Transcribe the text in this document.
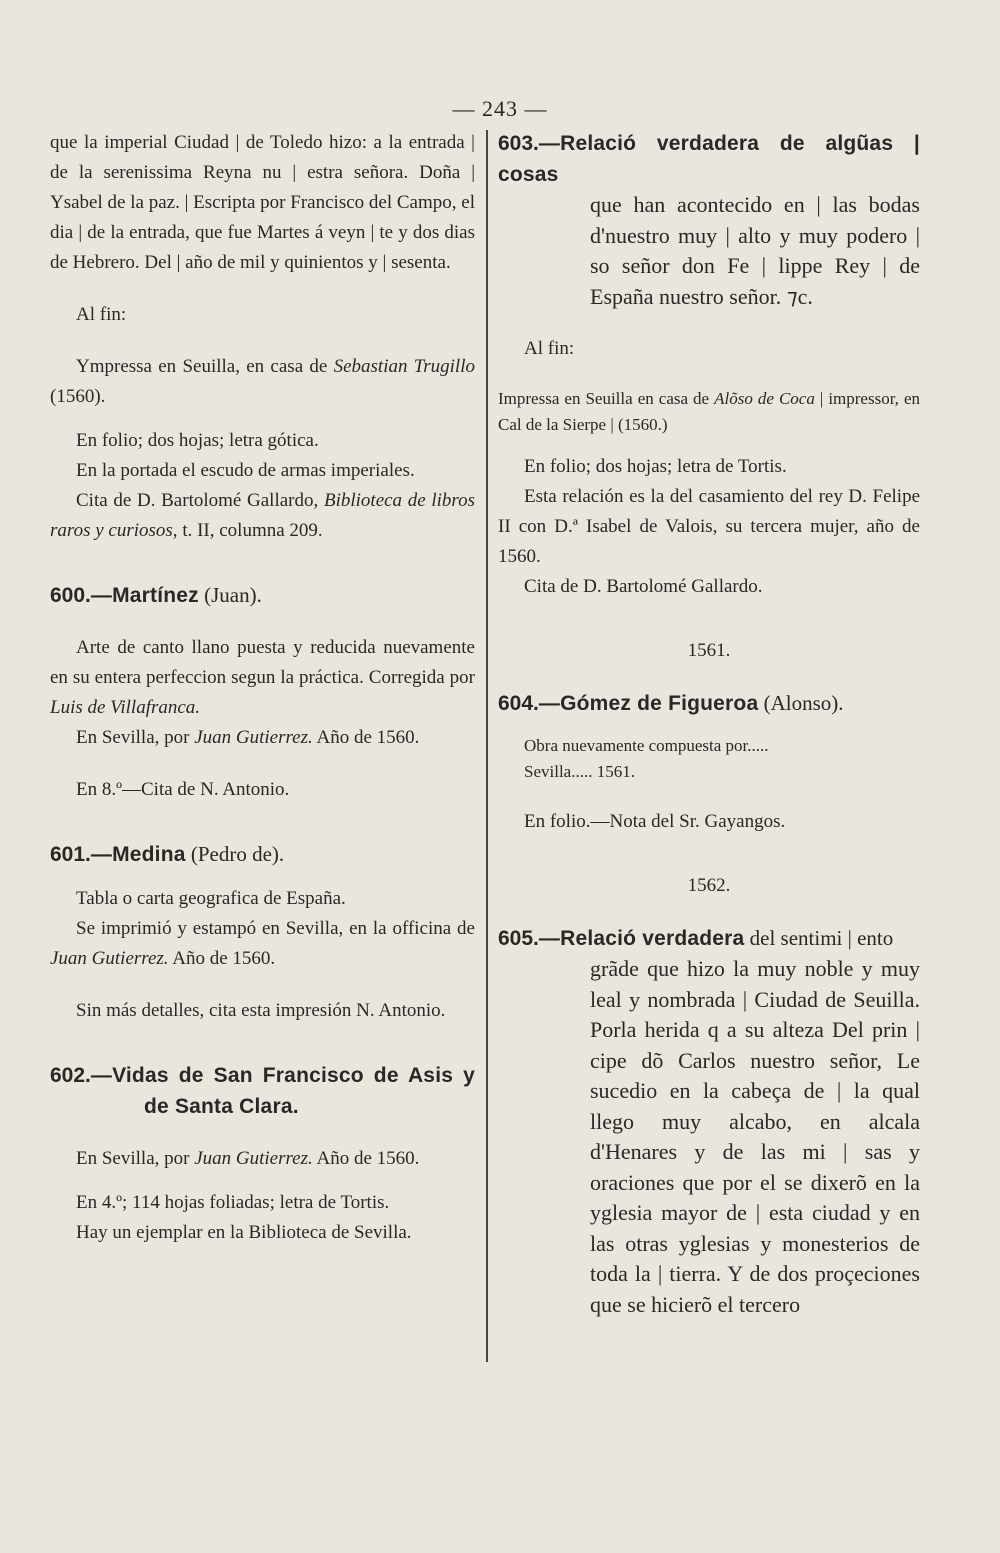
— 243 —

que la imperial Ciudad | de Toledo hizo: a la entrada | de la serenissima Reyna nu | estra señora. Doña | Ysabel de la paz. | Escripta por Francisco del Campo, el dia | de la entrada, que fue Martes á veyn | te y dos dias de Hebrero. Del | año de mil y quinientos y | sesenta.

Al fin:

Ympressa en Seuilla, en casa de Sebastian Trugillo (1560).

En folio; dos hojas; letra gótica.

En la portada el escudo de armas imperiales.

Cita de D. Bartolomé Gallardo, Biblioteca de libros raros y curiosos, t. II, columna 209.

600.—Martínez (Juan).

Arte de canto llano puesta y reducida nuevamente en su entera perfeccion segun la práctica. Corregida por Luis de Villafranca.

En Sevilla, por Juan Gutierrez. Año de 1560.

En 8.º—Cita de N. Antonio.

601.—Medina (Pedro de).

Tabla o carta geografica de España.

Se imprimió y estampó en Sevilla, en la officina de Juan Gutierrez. Año de 1560.

Sin más detalles, cita esta impresión N. Antonio.

602.—Vidas de San Francisco de Asis y de Santa Clara.

En Sevilla, por Juan Gutierrez. Año de 1560.

En 4.º; 114 hojas foliadas; letra de Tortis.

Hay un ejemplar en la Biblioteca de Sevilla.

603.—Relació verdadera de algũas | cosas

que han acontecido en | las bodas d'nuestro muy | alto y muy podero | so señor don Fe | lippe Rey | de España nuestro señor. ⁊c.

Al fin:

Impressa en Seuilla en casa de Alõso de Coca | impressor, en Cal de la Sierpe | (1560.)

En folio; dos hojas; letra de Tortis.

Esta relación es la del casamiento del rey D. Felipe II con D.ª Isabel de Valois, su tercera mujer, año de 1560.

Cita de D. Bartolomé Gallardo.

1561.

604.—Gómez de Figueroa (Alonso).

Obra nuevamente compuesta por.....

Sevilla..... 1561.

En folio.—Nota del Sr. Gayangos.

1562.

605.—Relació verdadera del sentimi | ento

grãde que hizo la muy noble y muy leal y nombrada | Ciudad de Seuilla. Porla herida q a su alteza Del prin | cipe dõ Carlos nuestro señor, Le sucedio en la cabeça de | la qual llego muy alcabo, en alcala d'Henares y de las mi | sas y oraciones que por el se dixerõ en la yglesia mayor de | esta ciudad y en las otras yglesias y monesterios de toda la | tierra. Y de dos proçeciones que se hicierõ el tercero
